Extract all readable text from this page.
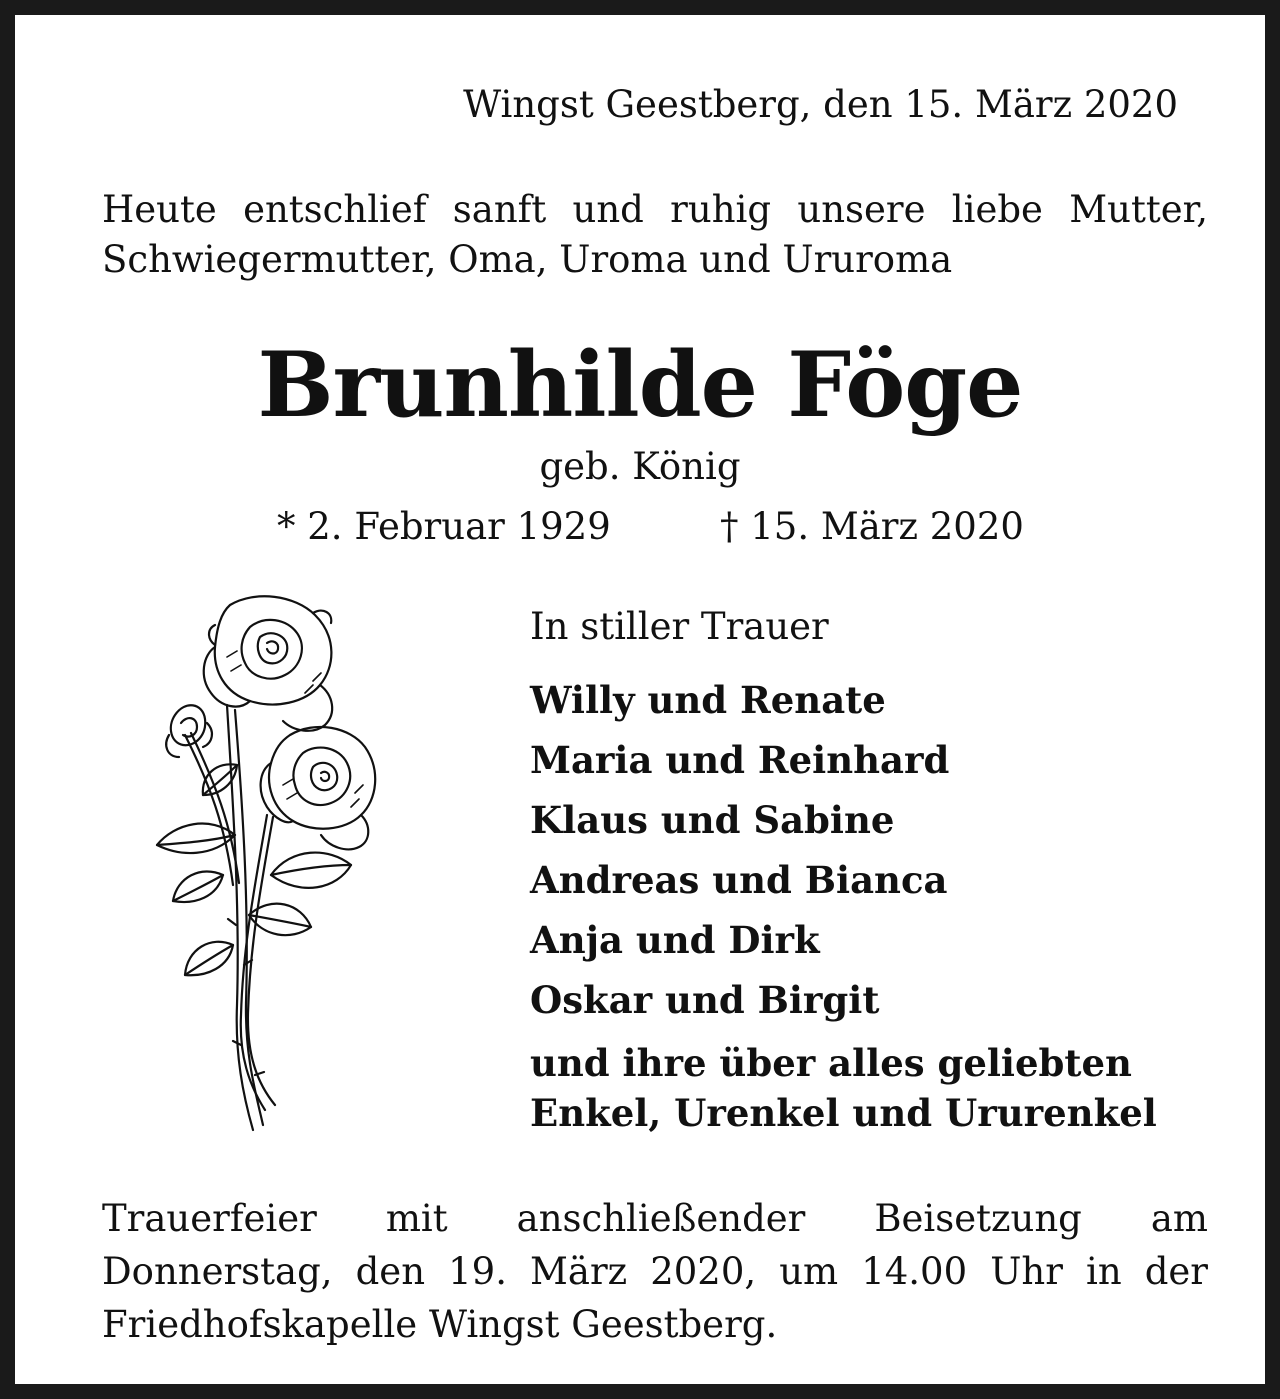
Wingst Geestberg, den 15. März 2020

Heute entschlief sanft und ruhig unsere liebe Mutter, Schwiegermutter, Oma, Uroma und Ururoma

Brunhilde Föge

geb. König

* 2. Februar 1929	† 15. März 2020

In stiller Trauer

Willy und Renate
Maria und Reinhard
Klaus und Sabine
Andreas und Bianca
Anja und Dirk
Oskar und Birgit
und ihre über alles geliebten
Enkel, Urenkel und Ururenkel

Trauerfeier mit anschließender Beisetzung am Donnerstag, den 19. März 2020, um 14.00 Uhr in der Friedhofskapelle Wingst Geestberg.
